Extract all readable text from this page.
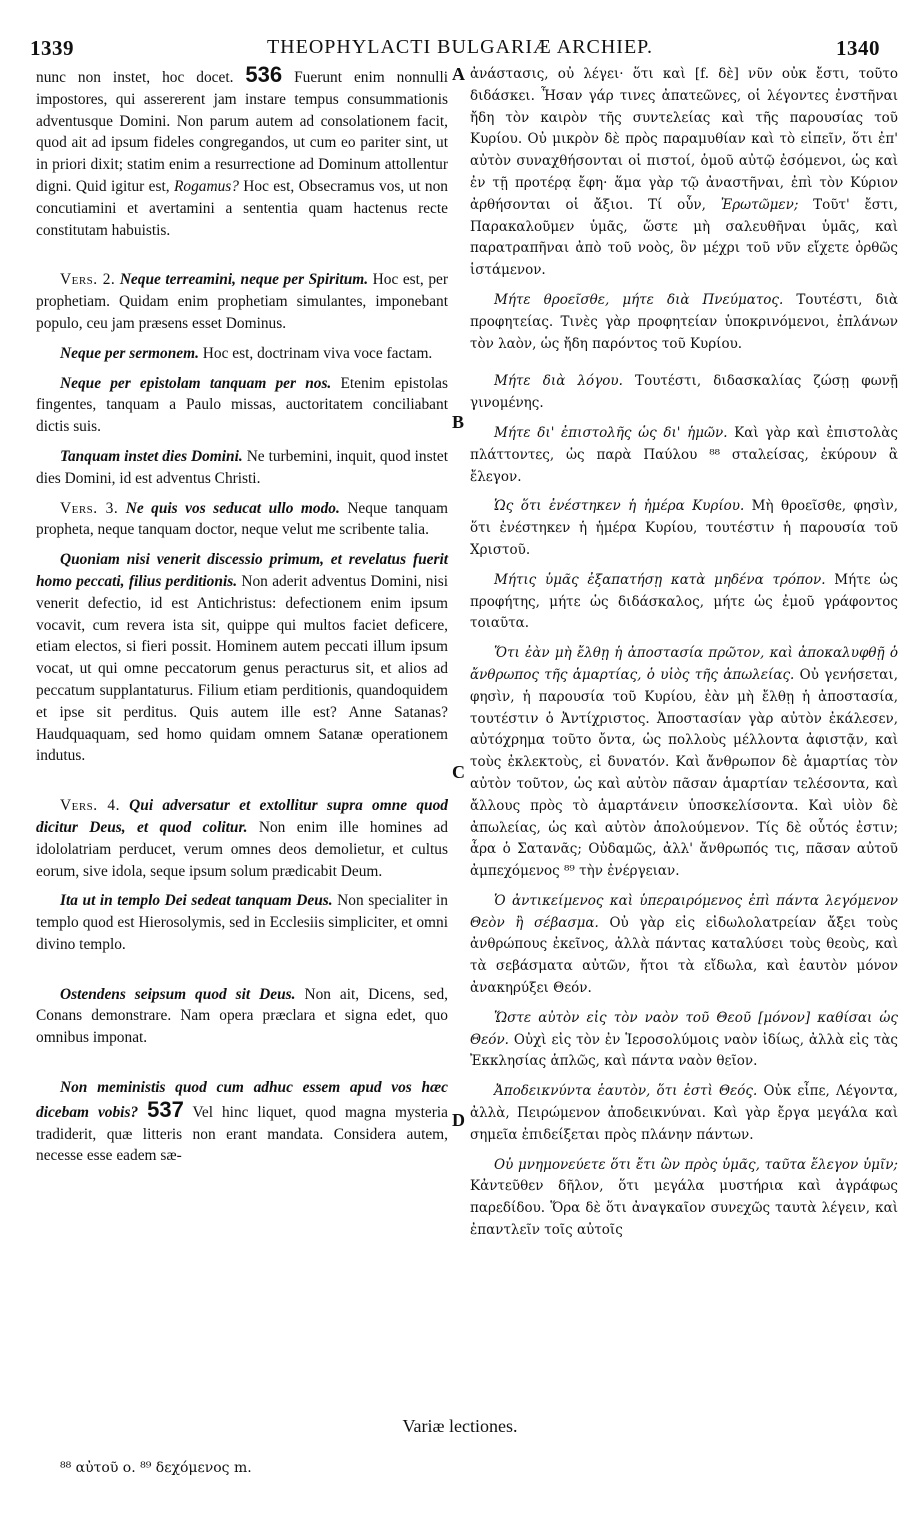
1339	THEOPHYLACTI BULGARIÆ ARCHIEP.	1340

nunc non instet, hoc docet. 536 Fuerunt enim nonnulli impostores, qui assererent jam instare tempus consummationis adventusque Domini. Non parum autem ad consolationem facit, quod ait ad ipsum fideles congregandos, ut cum eo pariter sint, ut in priori dixit; statim enim a resurrectione ad Dominum attollentur digni. Quid igitur est, Rogamus? Hoc est, Obsecramus vos, ut non concutiamini et avertamini a sententia quam hactenus recte constitutam habuistis.

Vers. 2. Neque terreamini, neque per Spiritum. Hoc est, per prophetiam. Quidam enim prophetiam simulantes, imponebant populo, ceu jam præsens esset Dominus.

Neque per sermonem. Hoc est, doctrinam viva voce factam.

Neque per epistolam tanquam per nos. Etenim epistolas fingentes, tanquam a Paulo missas, auctoritatem conciliabant dictis suis.

Tanquam instet dies Domini. Ne turbemini, inquit, quod instet dies Domini, id est adventus Christi.

Vers. 3. Ne quis vos seducat ullo modo. Neque tanquam propheta, neque tanquam doctor, neque velut me scribente talia.

Quoniam nisi venerit discessio primum, et revelatus fuerit homo peccati, filius perditionis. Non aderit adventus Domini, nisi venerit defectio, id est Antichristus: defectionem enim ipsum vocavit, cum revera ista sit, quippe qui multos faciet deficere, etiam electos, si fieri possit. Hominem autem peccati illum ipsum vocat, ut qui omne peccatorum genus peracturus sit, et alios ad peccatum supplantaturus. Filium etiam perditionis, quandoquidem et ipse sit perditus. Quis autem ille est? Anne Satanas? Haudquaquam, sed homo quidam omnem Satanæ operationem indutus.

Vers. 4. Qui adversatur et extollitur supra omne quod dicitur Deus, et quod colitur. Non enim ille homines ad idololatriam perducet, verum omnes deos demolietur, et cultus eorum, sive idola, seque ipsum solum prædicabit Deum.

Ita ut in templo Dei sedeat tanquam Deus. Non specialiter in templo quod est Hierosolymis, sed in Ecclesiis simpliciter, et omni divino templo.

Ostendens seipsum quod sit Deus. Non ait, Dicens, sed, Conans demonstrare. Nam opera præclara et signa edet, quo omnibus imponat.

Non meministis quod cum adhuc essem apud vos hæc dicebam vobis? 537 Vel hinc liquet, quod magna mysteria tradiderit, quæ litteris non erant mandata. Considera autem, necesse esse eadem sæ-

A
B
C
D

ἀνάστασις, οὐ λέγει· ὅτι καὶ [f. δὲ] νῦν οὐκ ἔστι, τοῦτο διδάσκει. Ἦσαν γάρ τινες ἀπατεῶνες, οἱ λέγοντες ἐνστῆναι ἤδη τὸν καιρὸν τῆς συντελείας καὶ τῆς παρουσίας τοῦ Κυρίου. Οὐ μικρὸν δὲ πρὸς παραμυθίαν καὶ τὸ εἰπεῖν, ὅτι ἐπ' αὐτὸν συναχθήσονται οἱ πιστοί, ὁμοῦ αὐτῷ ἐσόμενοι, ὡς καὶ ἐν τῇ προτέρᾳ ἔφη· ἅμα γὰρ τῷ ἀναστῆναι, ἐπὶ τὸν Κύριον ἀρθήσονται οἱ ἄξιοι. Τί οὖν, Ἐρωτῶμεν; Τοῦτ' ἔστι, Παρακαλοῦμεν ὑμᾶς, ὥστε μὴ σαλευθῆναι ὑμᾶς, καὶ παρατραπῆναι ἀπὸ τοῦ νοὸς, ὃν μέχρι τοῦ νῦν εἴχετε ὀρθῶς ἱστάμενον.

Μήτε θροεῖσθε, μήτε διὰ Πνεύματος. Τουτέστι, διὰ προφητείας. Τινὲς γὰρ προφητείαν ὑποκρινόμενοι, ἐπλάνων τὸν λαὸν, ὡς ἤδη παρόντος τοῦ Κυρίου.

Μήτε διὰ λόγου. Τουτέστι, διδασκαλίας ζώσῃ φωνῇ γινομένης.

Μήτε δι' ἐπιστολῆς ὡς δι' ἡμῶν. Καὶ γὰρ καὶ ἐπιστολὰς πλάττοντες, ὡς παρὰ Παύλου ⁸⁸ σταλείσας, ἐκύρουν ἃ ἔλεγον.

Ὡς ὅτι ἐνέστηκεν ἡ ἡμέρα Κυρίου. Μὴ θροεῖσθε, φησὶν, ὅτι ἐνέστηκεν ἡ ἡμέρα Κυρίου, τουτέστιν ἡ παρουσία τοῦ Χριστοῦ.

Μήτις ὑμᾶς ἐξαπατήσῃ κατὰ μηδένα τρόπον. Μήτε ὡς προφήτης, μήτε ὡς διδάσκαλος, μήτε ὡς ἐμοῦ γράφοντος τοιαῦτα.

Ὅτι ἐὰν μὴ ἔλθῃ ἡ ἀποστασία πρῶτον, καὶ ἀποκαλυφθῇ ὁ ἄνθρωπος τῆς ἁμαρτίας, ὁ υἱὸς τῆς ἀπωλείας. Οὐ γενήσεται, φησὶν, ἡ παρουσία τοῦ Κυρίου, ἐὰν μὴ ἔλθῃ ἡ ἀποστασία, τουτέστιν ὁ Ἀντίχριστος. Ἀποστασίαν γὰρ αὐτὸν ἐκάλεσεν, αὐτόχρημα τοῦτο ὄντα, ὡς πολλοὺς μέλλοντα ἀφιστᾷν, καὶ τοὺς ἐκλεκτοὺς, εἰ δυνατόν. Καὶ ἄνθρωπον δὲ ἁμαρτίας τὸν αὐτὸν τοῦτον, ὡς καὶ αὐτὸν πᾶσαν ἁμαρτίαν τελέσοντα, καὶ ἄλλους πρὸς τὸ ἁμαρτάνειν ὑποσκελίσοντα. Καὶ υἱὸν δὲ ἀπωλείας, ὡς καὶ αὐτὸν ἀπολούμενον. Τίς δὲ οὗτός ἐστιν; ἆρα ὁ Σατανᾶς; Οὐδαμῶς, ἀλλ' ἄνθρωπός τις, πᾶσαν αὐτοῦ ἀμπεχόμενος ⁸⁹ τὴν ἐνέργειαν.

Ὁ ἀντικείμενος καὶ ὑπεραιρόμενος ἐπὶ πάντα λεγόμενον Θεὸν ἢ σέβασμα. Οὐ γὰρ εἰς εἰδωλολατρείαν ἄξει τοὺς ἀνθρώπους ἐκεῖνος, ἀλλὰ πάντας καταλύσει τοὺς θεοὺς, καὶ τὰ σεβάσματα αὐτῶν, ἤτοι τὰ εἴδωλα, καὶ ἑαυτὸν μόνον ἀνακηρύξει Θεόν.

Ὥστε αὐτὸν εἰς τὸν ναὸν τοῦ Θεοῦ [μόνον] καθίσαι ὡς Θεόν. Οὐχὶ εἰς τὸν ἐν Ἱεροσολύμοις ναὸν ἰδίως, ἀλλὰ εἰς τὰς Ἐκκλησίας ἁπλῶς, καὶ πάντα ναὸν θεῖον.

Ἀποδεικνύντα ἑαυτὸν, ὅτι ἐστὶ Θεός. Οὐκ εἶπε, Λέγοντα, ἀλλὰ, Πειρώμενον ἀποδεικνύναι. Καὶ γὰρ ἔργα μεγάλα καὶ σημεῖα ἐπιδείξεται πρὸς πλάνην πάντων.

Οὐ μνημονεύετε ὅτι ἔτι ὢν πρὸς ὑμᾶς, ταῦτα ἔλεγον ὑμῖν; Κἀντεῦθεν δῆλον, ὅτι μεγάλα μυστήρια καὶ ἀγράφως παρεδίδου. Ὅρα δὲ ὅτι ἀναγκαῖον συνεχῶς ταυτὰ λέγειν, καὶ ἐπαντλεῖν τοῖς αὐτοῖς

Variæ lectiones.
⁸⁸ αὐτοῦ ο. ⁸⁹ δεχόμενος m.
